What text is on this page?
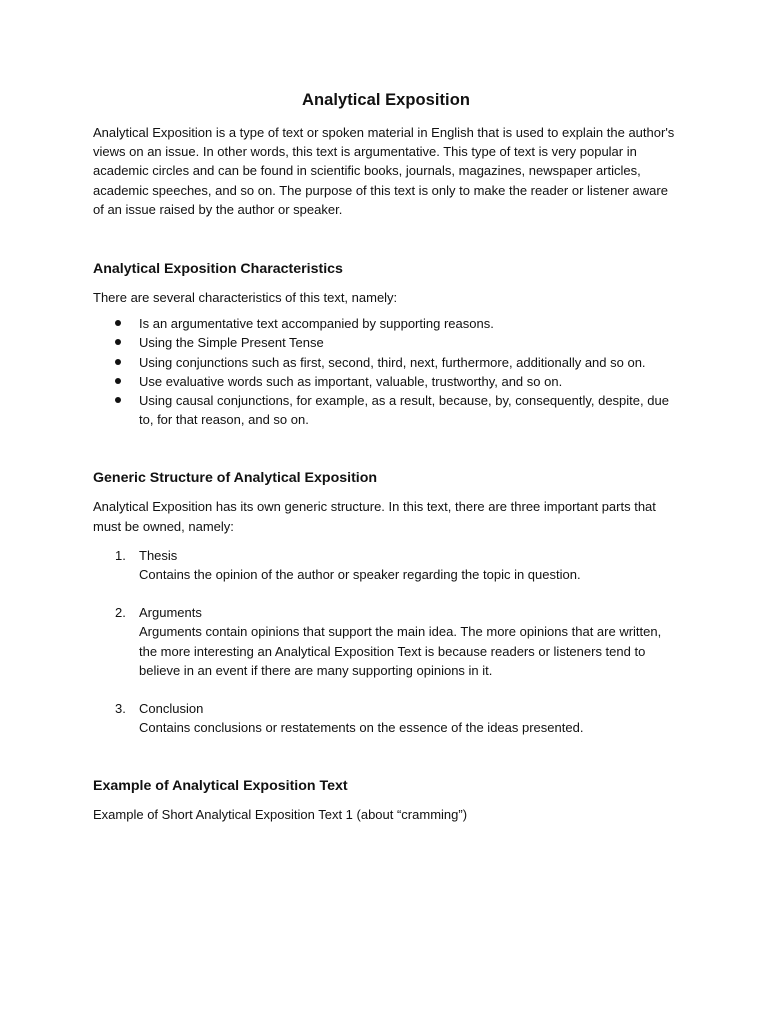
Analytical Exposition

Analytical Exposition is a type of text or spoken material in English that is used to explain the author's views on an issue. In other words, this text is argumentative. This type of text is very popular in academic circles and can be found in scientific books, journals, magazines, newspaper articles, academic speeches, and so on. The purpose of this text is only to make the reader or listener aware of an issue raised by the author or speaker.

Analytical Exposition Characteristics

There are several characteristics of this text, namely:

Is an argumentative text accompanied by supporting reasons.
Using the Simple Present Tense
Using conjunctions such as first, second, third, next, furthermore, additionally and so on.
Use evaluative words such as important, valuable, trustworthy, and so on.
Using causal conjunctions, for example, as a result, because, by, consequently, despite, due to, for that reason, and so on.
Generic Structure of Analytical Exposition

Analytical Exposition has its own generic structure. In this text, there are three important parts that must be owned, namely:

1. Thesis
Contains the opinion of the author or speaker regarding the topic in question.
2. Arguments
Arguments contain opinions that support the main idea. The more opinions that are written, the more interesting an Analytical Exposition Text is because readers or listeners tend to believe in an event if there are many supporting opinions in it.
3. Conclusion
Contains conclusions or restatements on the essence of the ideas presented.
Example of Analytical Exposition Text

Example of Short Analytical Exposition Text 1 (about “cramming”)
